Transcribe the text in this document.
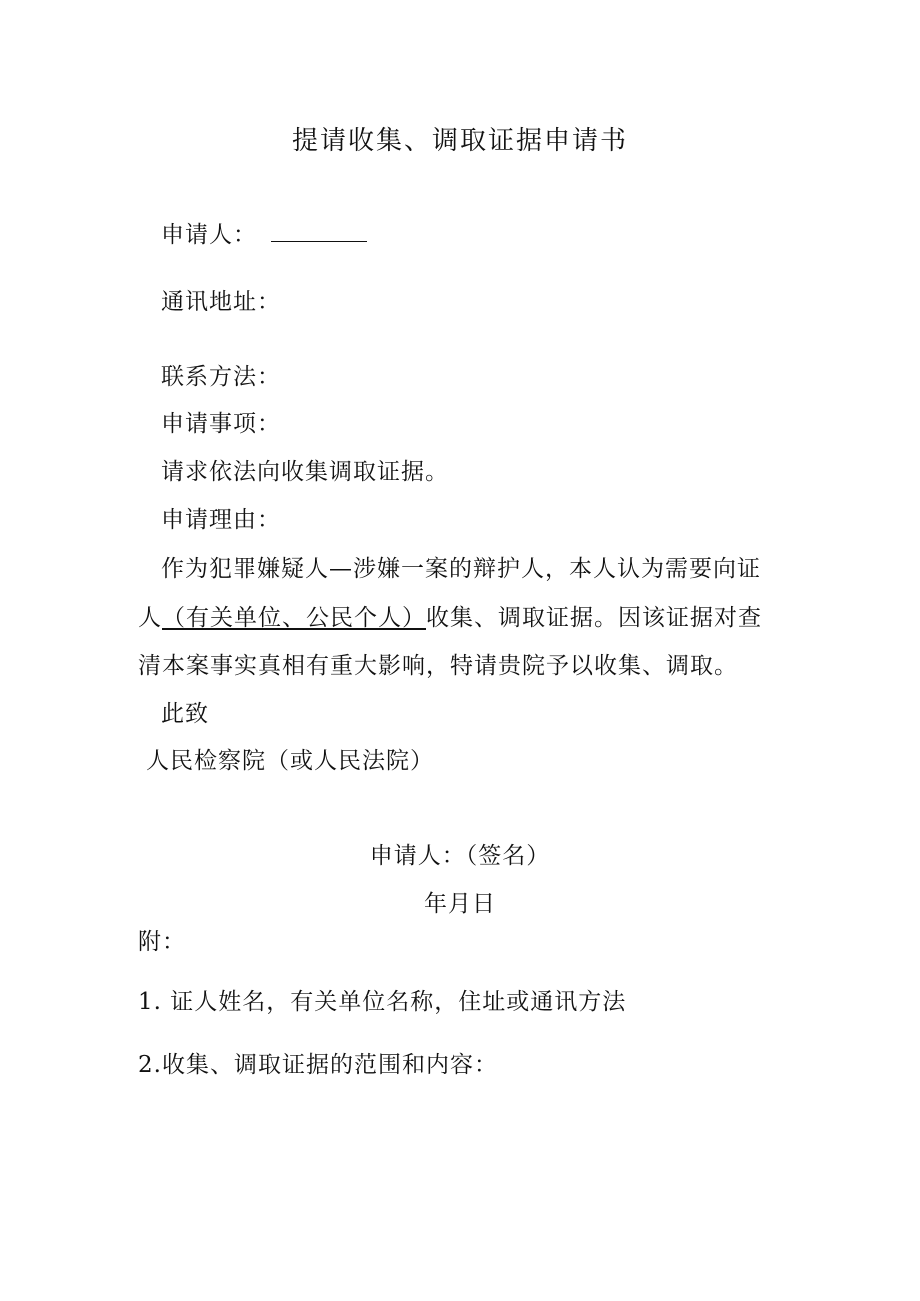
提请收集、调取证据申请书
申请人：
通讯地址：
联系方法：
申请事项：
请求依法向收集调取证据。
申请理由：
作为犯罪嫌疑人—涉嫌一案的辩护人，本人认为需要向证
人（有关单位、公民个人）收集、调取证据。因该证据对查
清本案事实真相有重大影响，特请贵院予以收集、调取。
此致
人民检察院（或人民法院）
申请人：（签名）
年月日
附：
1. 证人姓名，有关单位名称，住址或通讯方法
2.收集、调取证据的范围和内容：
